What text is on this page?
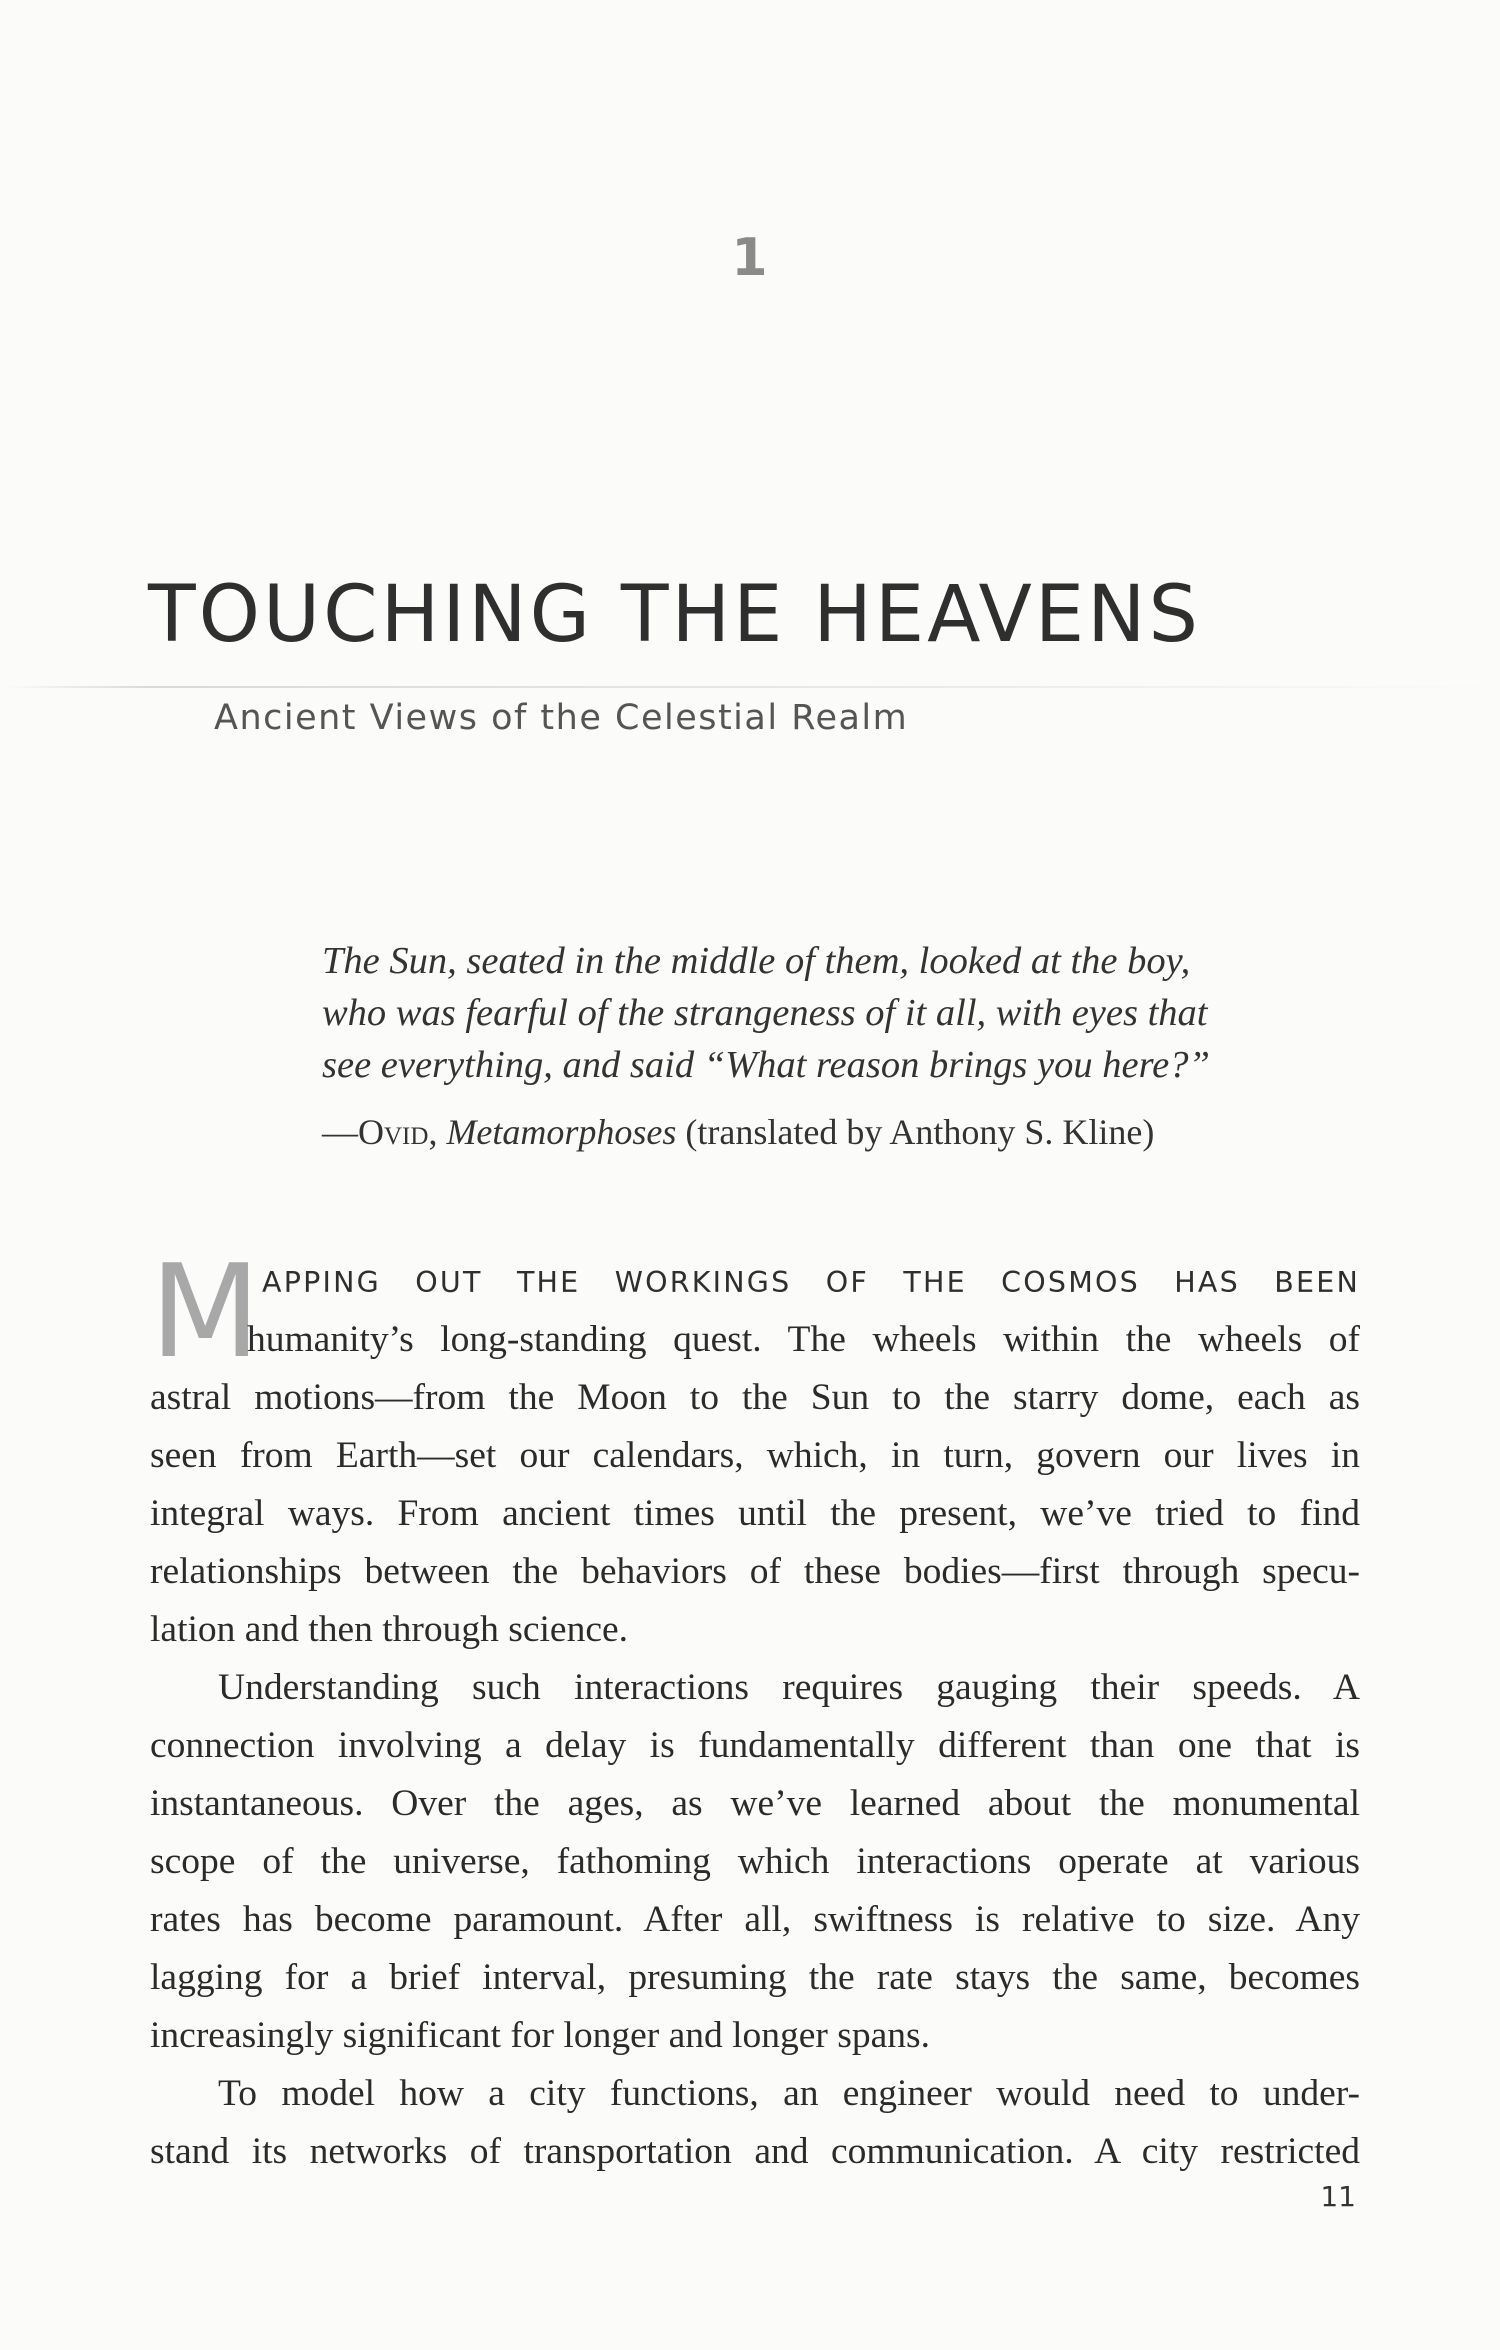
1
TOUCHING THE HEAVENS
Ancient Views of the Celestial Realm
The Sun, seated in the middle of them, looked at the boy,
who was fearful of the strangeness of it all, with eyes that
see everything, and said “What reason brings you here?”
—Ovid, Metamorphoses (translated by Anthony S. Kline)
M APPING OUT THE WORKINGS OF THE COSMOS HAS BEEN
humanity’s long-standing quest. The wheels within the wheels of
astral motions—from the Moon to the Sun to the starry dome, each as
seen from Earth—set our calendars, which, in turn, govern our lives in
integral ways. From ancient times until the present, we’ve tried to find
relationships between the behaviors of these bodies—first through specu-
lation and then through science.
Understanding such interactions requires gauging their speeds. A
connection involving a delay is fundamentally different than one that is
instantaneous. Over the ages, as we’ve learned about the monumental
scope of the universe, fathoming which interactions operate at various
rates has become paramount. After all, swiftness is relative to size. Any
lagging for a brief interval, presuming the rate stays the same, becomes
increasingly significant for longer and longer spans.
To model how a city functions, an engineer would need to under-
stand its networks of transportation and communication. A city restricted
11
